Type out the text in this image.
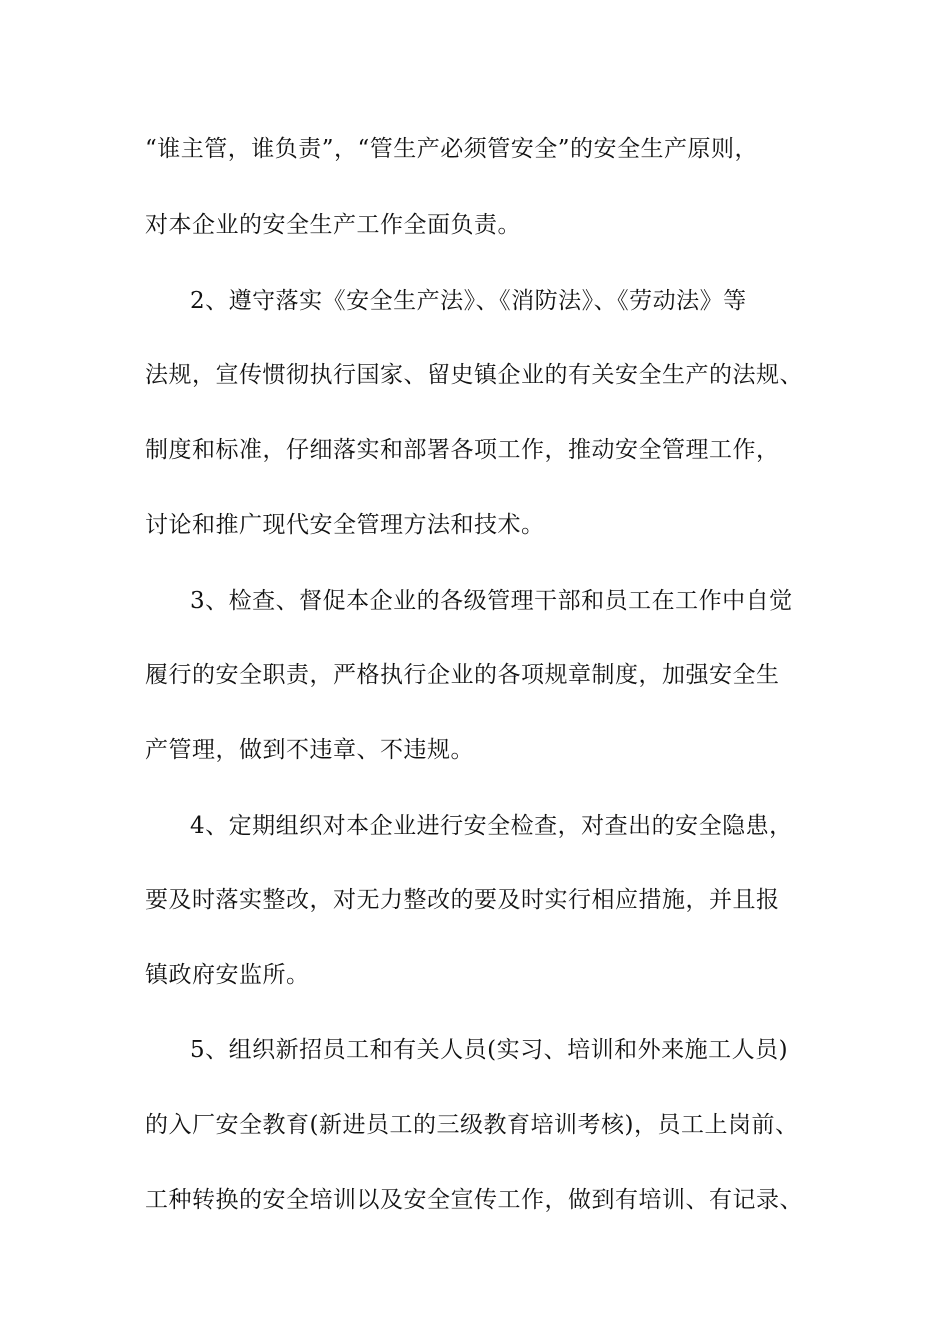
“谁主管，谁负责”，“管生产必须管安全”的安全生产原则，
对本企业的安全生产工作全面负责。
2、遵守落实《安全生产法》、《消防法》、《劳动法》等
法规，宣传惯彻执行国家、留史镇企业的有关安全生产的法规、
制度和标准，仔细落实和部署各项工作，推动安全管理工作，
讨论和推广现代安全管理方法和技术。
3、检查、督促本企业的各级管理干部和员工在工作中自觉
履行的安全职责，严格执行企业的各项规章制度，加强安全生
产管理，做到不违章、不违规。
4、定期组织对本企业进行安全检查，对查出的安全隐患，
要及时落实整改，对无力整改的要及时实行相应措施，并且报
镇政府安监所。
5、组织新招员工和有关人员(实习、培训和外来施工人员)
的入厂安全教育(新进员工的三级教育培训考核)，员工上岗前、
工种转换的安全培训以及安全宣传工作，做到有培训、有记录、
